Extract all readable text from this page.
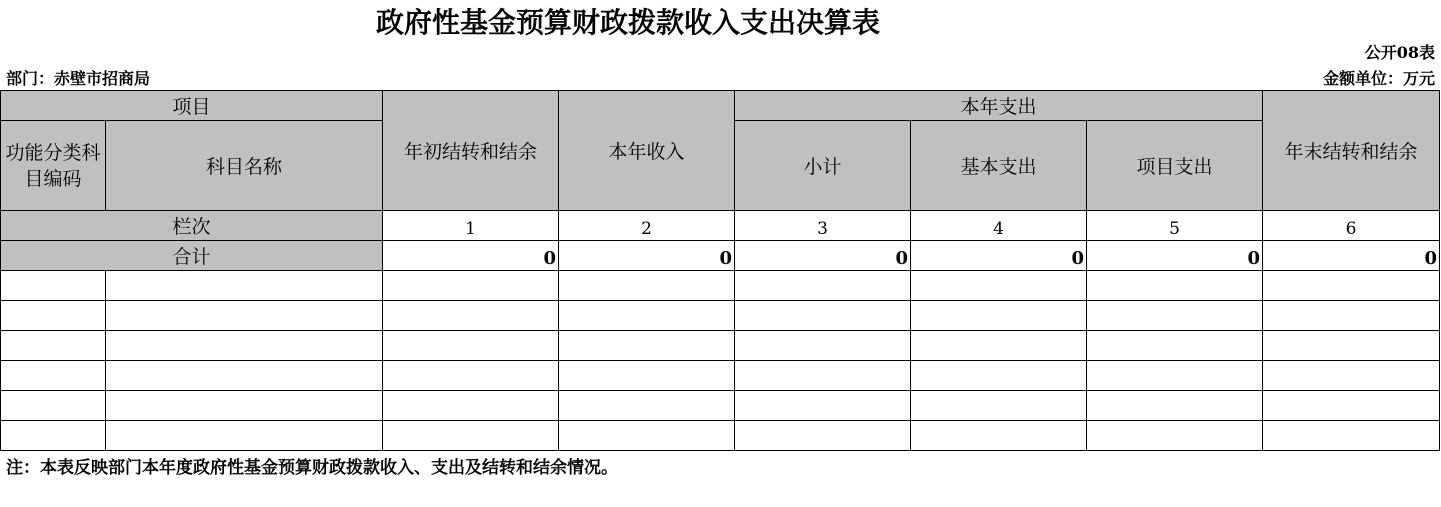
政府性基金预算财政拨款收入支出决算表
公开08表
部门：赤壁市招商局	金额单位：万元
项目		年初结转和结余	本年收入	本年支出			年末结转和结余
功能分类科目编码	科目名称			小计	基本支出	项目支出	
栏次		1	2	3	4	5	6
合计		0	0	0	0	0	0

注：本表反映部门本年度政府性基金预算财政拨款收入、支出及结转和结余情况。
